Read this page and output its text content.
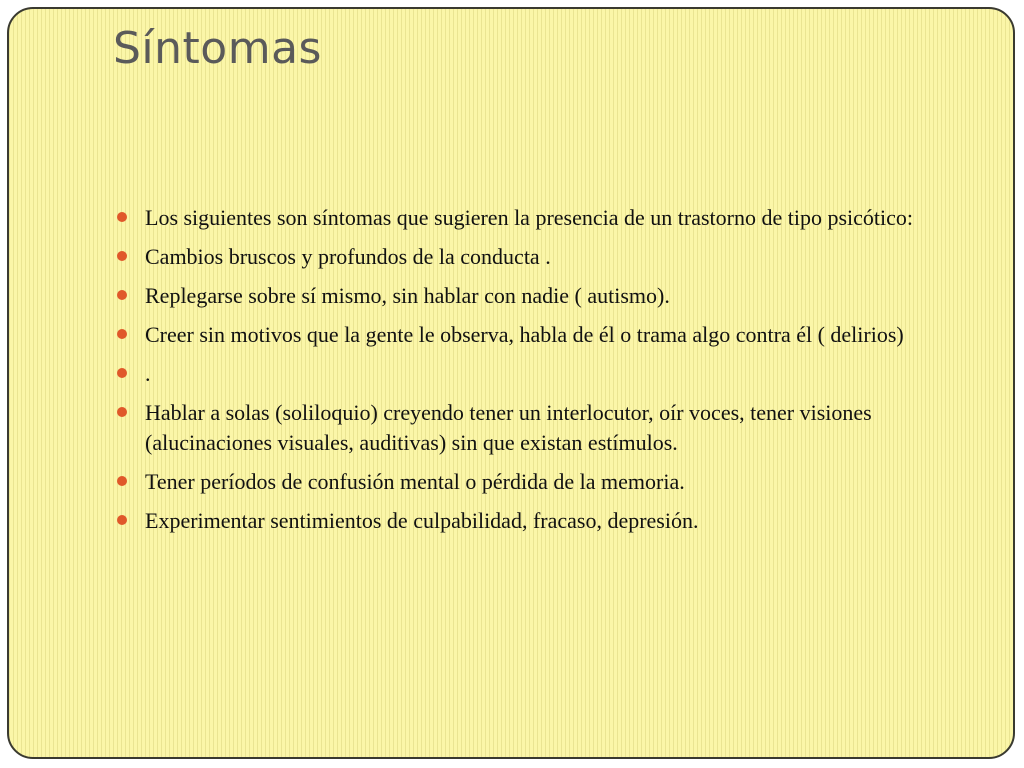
Síntomas
Los siguientes son síntomas que sugieren la presencia de un trastorno de tipo psicótico:
Cambios bruscos y profundos de la conducta .
Replegarse sobre sí mismo, sin hablar con nadie ( autismo).
Creer sin motivos que la gente le observa, habla de él o trama algo contra él ( delirios)
.
Hablar a solas (soliloquio) creyendo tener un interlocutor, oír voces, tener visiones (alucinaciones visuales, auditivas) sin que existan estímulos.
Tener períodos de confusión mental o pérdida de la memoria.
Experimentar sentimientos de culpabilidad, fracaso, depresión.
